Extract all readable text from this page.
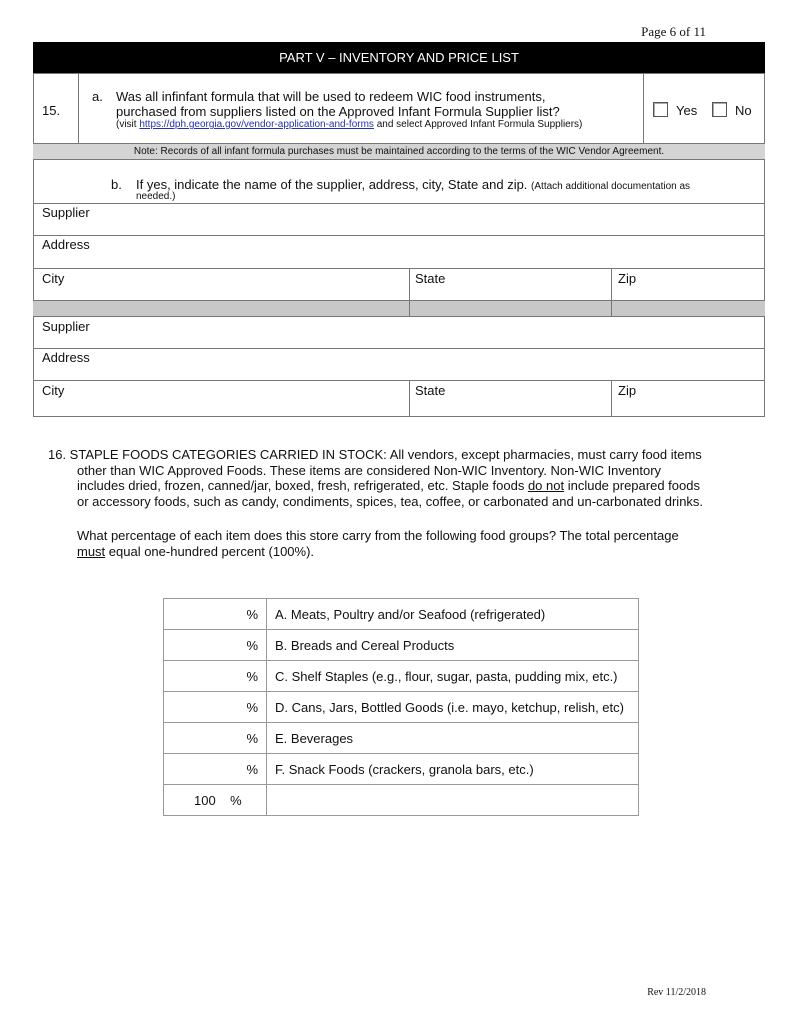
Page 6 of 11
PART V – INVENTORY AND PRICE LIST
15.
a. Was all infinfant formula that will be used to redeem WIC food instruments,
purchased from suppliers listed on the Approved Infant Formula Supplier list?
(visit https://dph.georgia.gov/vendor-application-and-forms and select Approved Infant Formula Suppliers)
Yes	No
Note: Records of all infant formula purchases must be maintained according to the terms of the WIC Vendor Agreement.
b. If yes, indicate the name of the supplier, address, city, State and zip. (Attach additional documentation as
needed.)
Supplier
Address
City	State	Zip
Supplier
Address
City	State	Zip

16. STAPLE FOODS CATEGORIES CARRIED IN STOCK: All vendors, except pharmacies, must carry food items

other than WIC Approved Foods. These items are considered Non-WIC Inventory. Non-WIC Inventory

includes dried, frozen, canned/jar, boxed, fresh, refrigerated, etc. Staple foods do not include prepared foods

or accessory foods, such as candy, condiments, spices, tea, coffee, or carbonated and un-carbonated drinks.

What percentage of each item does this store carry from the following food groups? The total percentage

must equal one-hundred percent (100%).

%	A. Meats, Poultry and/or Seafood (refrigerated)
%	B. Breads and Cereal Products
%	C. Shelf Staples (e.g., flour, sugar, pasta, pudding mix, etc.)
%	D. Cans, Jars, Bottled Goods (i.e. mayo, ketchup, relish, etc)
%	E. Beverages
%	F. Snack Foods (crackers, granola bars, etc.)
100    %	
Rev 11/2/2018
